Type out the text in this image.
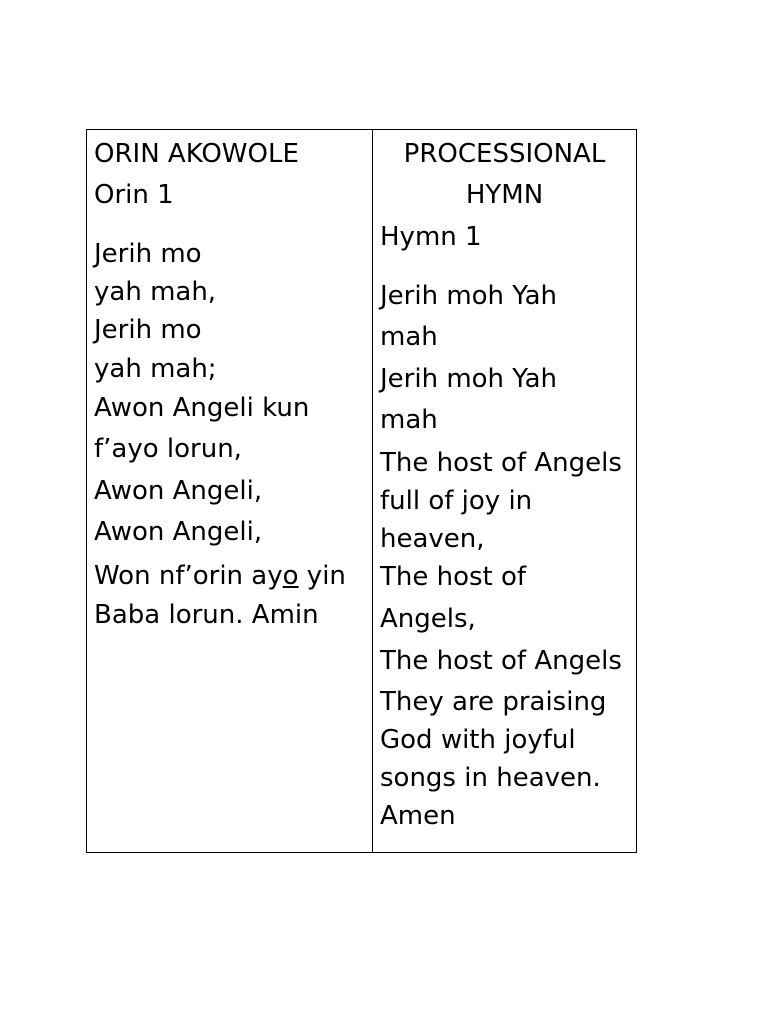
ORIN AKOWOLE
Orin 1
Jerih mo
yah mah,
Jerih mo
yah mah;
Awon Angeli kun
f’ayo lorun,
Awon Angeli,
Awon Angeli,
Won nf’orin ayo yin
Baba lorun. Amin
PROCESSIONAL
HYMN
Hymn 1
Jerih moh Yah
mah
Jerih moh Yah
mah
The host of Angels
full of joy in
heaven,
The host of
Angels,
The host of Angels
They are praising
God with joyful
songs in heaven.
Amen
